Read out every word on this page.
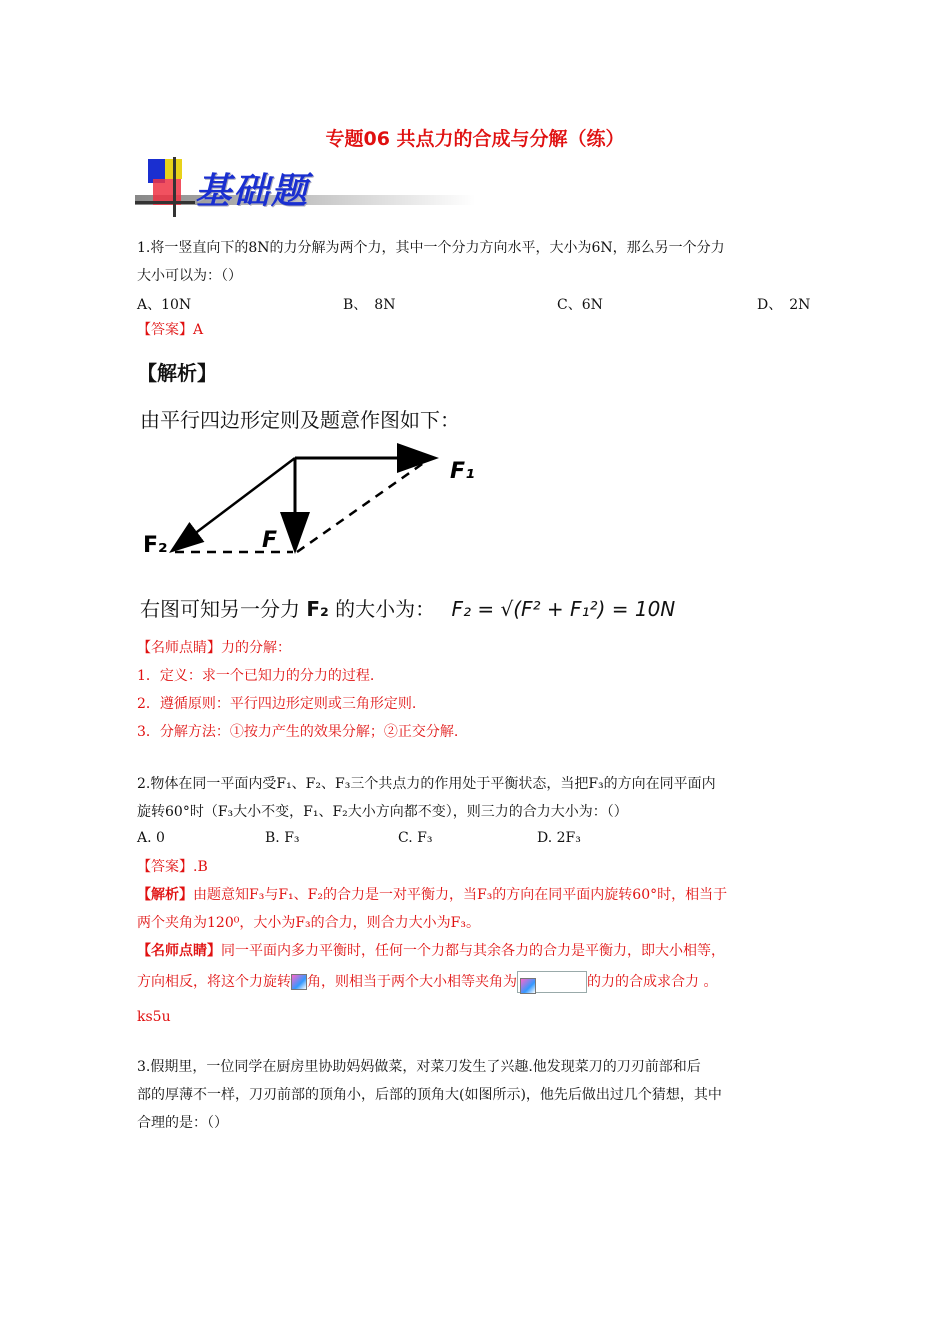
专题06 共点力的合成与分解（练）
基础题
1.将一竖直向下的8N的力分解为两个力，其中一个分力方向水平，大小为6N，那么另一个分力
大小可以为：（）
A、10N	B、　8N	C、6N	D、　2N
【答案】A
【解析】
由平行四边形定则及题意作图如下：
F₁
F₂	F
右图可知另一分力 F₂ 的大小为： F₂ = √(F² + F₁²) = 10N
【名师点睛】力的分解：
1．定义：求一个已知力的分力的过程.
2．遵循原则：平行四边形定则或三角形定则.
3．分解方法：①按力产生的效果分解；②正交分解.
2.物体在同一平面内受F₁、F₂、F₃三个共点力的作用处于平衡状态，当把F₃的方向在同平面内
旋转60°时（F₃大小不变，F₁、F₂大小方向都不变），则三力的合力大小为：（）
A. 0	B. F₃	C. F₃	D. 2F₃
【答案】.B
【解析】由题意知F₃与F₁、F₂的合力是一对平衡力，当F₃的方向在同平面内旋转60°时，相当于
两个夹角为120⁰，大小为F₃的合力，则合力大小为F₃。
【名师点睛】同一平面内多力平衡时，任何一个力都与其余各力的合力是平衡力，即大小相等，
方向相反，将这个力旋转 角，则相当于两个大小相等夹角为	的力的合成求合力 。
ks5u
3.假期里，一位同学在厨房里协助妈妈做菜，对菜刀发生了兴趣.他发现菜刀的刀刃前部和后
部的厚薄不一样，刀刃前部的顶角小，后部的顶角大(如图所示)，他先后做出过几个猜想，其中
合理的是：（）
